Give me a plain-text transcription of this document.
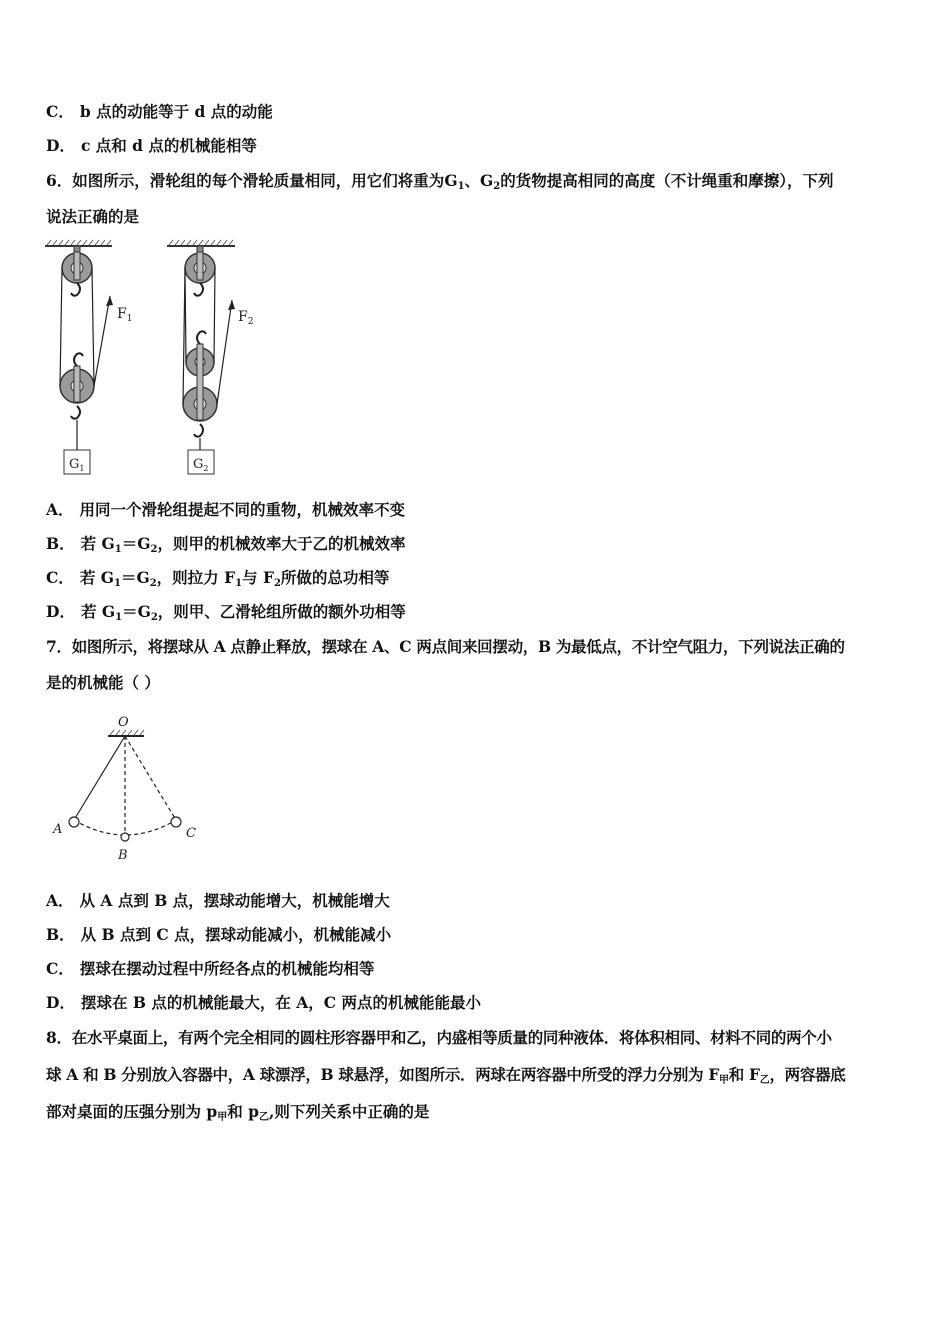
C． b 点的动能等于 d 点的动能
D． c 点和 d 点的机械能相等
6．如图所示，滑轮组的每个滑轮质量相同，用它们将重为$G_1$、$G_2$的货物提高相同的高度（不计绳重和摩擦），下列
说法正确的是
$F_1$
$G_1$
$F_2$
$G_2$
A． 用同一个滑轮组提起不同的重物，机械效率不变
B． 若 $G_1=G_2$，则甲的机械效率大于乙的机械效率
C． 若 $G_1=G_2$，则拉力 $F_1$与 $F_2$所做的总功相等
D． 若 $G_1=G_2$，则甲、乙滑轮组所做的额外功相等
7．如图所示，将摆球从 A 点静止释放，摆球在 A、C 两点间来回摆动，B 为最低点，不计空气阻力，下列说法正确的
是的机械能（ ）
O
A
B
C
A． 从 A 点到 B 点，摆球动能增大，机械能增大
B． 从 B 点到 C 点，摆球动能减小，机械能减小
C． 摆球在摆动过程中所经各点的机械能均相等
D． 摆球在 B 点的机械能最大，在 A，C 两点的机械能能最小
8．在水平桌面上，有两个完全相同的圆柱形容器甲和乙，内盛相等质量的同种液体．将体积相同、材料不同的两个小
球 A 和 B 分别放入容器中，A 球漂浮，B 球悬浮，如图所示．两球在两容器中所受的浮力分别为 $F_甲$和 $F_乙$，两容器底
部对桌面的压强分别为 $p_甲$和 $p_乙$,则下列关系中正确的是
